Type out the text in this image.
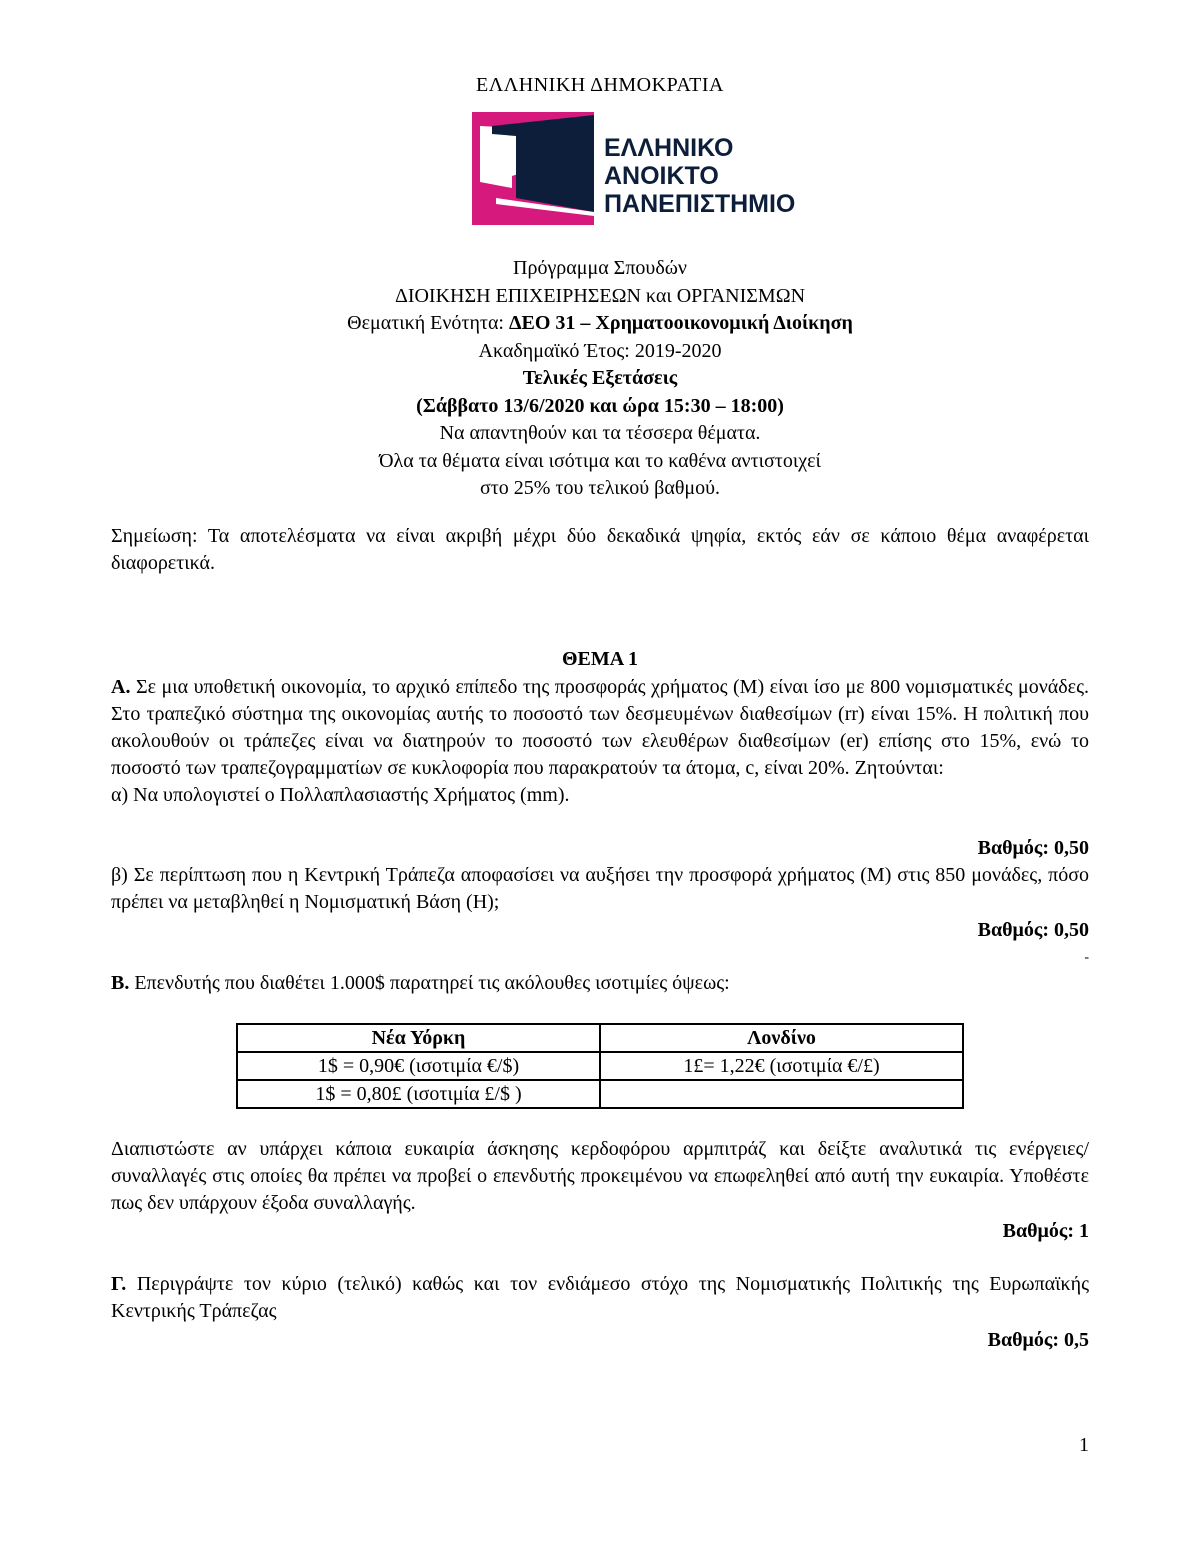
ΕΛΛΗΝΙΚΗ ΔΗΜΟΚΡΑΤΙΑ
ΕΛΛΗΝΙΚΟ
ΑΝΟΙΚΤΟ
ΠΑΝΕΠΙΣΤΗΜΙΟ
Πρόγραμμα Σπουδών
ΔΙΟΙΚΗΣΗ ΕΠΙΧΕΙΡΗΣΕΩΝ και ΟΡΓΑΝΙΣΜΩΝ
Θεματική Ενότητα: ΔΕΟ 31 – Χρηματοοικονομική Διοίκηση
Ακαδημαϊκό Έτος: 2019-2020
Τελικές Εξετάσεις
(Σάββατο 13/6/2020 και ώρα 15:30 – 18:00)
Να απαντηθούν και τα τέσσερα θέματα.
Όλα τα θέματα είναι ισότιμα και το καθένα αντιστοιχεί
στο 25% του τελικού βαθμού.
Σημείωση: Τα αποτελέσματα να είναι ακριβή μέχρι δύο δεκαδικά ψηφία, εκτός εάν σε κάποιο θέμα αναφέρεται διαφορετικά.
ΘΕΜΑ 1
Α. Σε μια υποθετική οικονομία, το αρχικό επίπεδο της προσφοράς χρήματος (Μ) είναι ίσο με 800 νομισματικές μονάδες. Στο τραπεζικό σύστημα της οικονομίας αυτής το ποσοστό των δεσμευμένων διαθεσίμων (rr) είναι 15%. Η πολιτική που ακολουθούν οι τράπεζες είναι να διατηρούν το ποσοστό των ελευθέρων διαθεσίμων (er) επίσης στο 15%, ενώ το ποσοστό των τραπεζογραμματίων σε κυκλοφορία που παρακρατούν τα άτομα, c, είναι 20%. Ζητούνται:
α) Να υπολογιστεί ο Πολλαπλασιαστής Χρήματος (mm).
Βαθμός: 0,50
β) Σε περίπτωση που η Κεντρική Τράπεζα αποφασίσει να αυξήσει την προσφορά χρήματος (Μ) στις 850 μονάδες, πόσο πρέπει να μεταβληθεί η Νομισματική Βάση (Η);
Βαθμός: 0,50
-
Β. Επενδυτής που διαθέτει 1.000$ παρατηρεί τις ακόλουθες ισοτιμίες όψεως:
Νέα Υόρκη	Λονδίνο
1$ = 0,90€ (ισοτιμία €/$)	1£= 1,22€ (ισοτιμία €/£)
1$ = 0,80£ (ισοτιμία £/$ )	
Διαπιστώστε αν υπάρχει κάποια ευκαιρία άσκησης κερδοφόρου αρμπιτράζ και δείξτε αναλυτικά τις ενέργειες/συναλλαγές στις οποίες θα πρέπει να προβεί ο επενδυτής προκειμένου να επωφεληθεί από αυτή την ευκαιρία. Υποθέστε πως δεν υπάρχουν έξοδα συναλλαγής.
Βαθμός: 1
Γ. Περιγράψτε τον κύριο (τελικό) καθώς και τον ενδιάμεσο στόχο της Νομισματικής Πολιτικής της Ευρωπαϊκής Κεντρικής Τράπεζας
Βαθμός: 0,5
1
